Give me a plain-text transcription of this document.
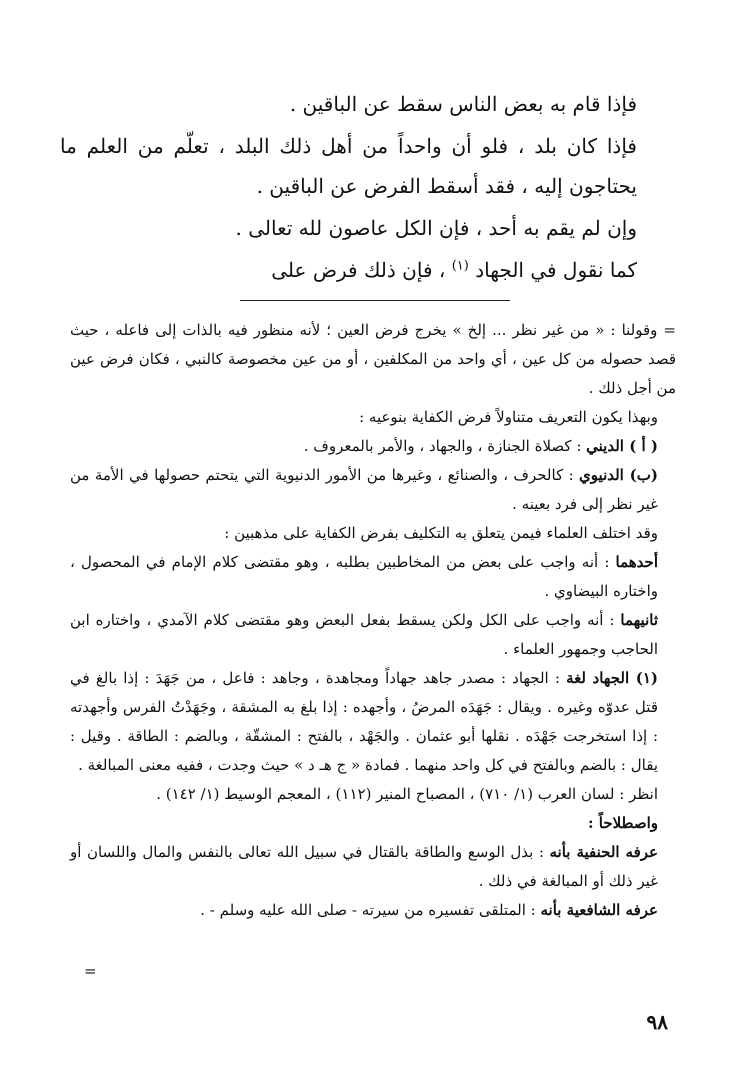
فإذا قام به بعض الناس سقط عن الباقين .

فإذا كان بلد ، فلو أن واحداً من أهل ذلك البلد ، تعلّم من العلم ما يحتاجون إليه ، فقد أسقط الفرض عن الباقين .

وإن لم يقم به أحد ، فإن الكل عاصون لله تعالى .

كما نقول في الجهاد $^{(١)}$ ، فإن ذلك فرض على

= وقولنا : « من غير نظر ... إلخ » يخرج فرض العين ؛ لأنه منظور فيه بالذات إلى فاعله ، حيث قصد حصوله من كل عين ، أي واحد من المكلفين ، أو من عين مخصوصة كالنبي ، فكان فرض عين من أجل ذلك .

وبهذا يكون التعريف متناولاً فرض الكفاية بنوعيه :

( أ ) الديني : كصلاة الجنازة ، والجهاد ، والأمر بالمعروف .

(ب) الدنيوي : كالحرف ، والصنائع ، وغيرها من الأمور الدنيوية التي يتحتم حصولها في الأمة من غير نظر إلى فرد بعينه .

وقد اختلف العلماء فيمن يتعلق به التكليف بفرض الكفاية على مذهبين :

أحدهما : أنه واجب على بعض من المخاطبين بطلبه ، وهو مقتضى كلام الإمام في المحصول ، واختاره البيضاوي .

ثانيهما : أنه واجب على الكل ولكن يسقط بفعل البعض وهو مقتضى كلام الآمدي ، واختاره ابن الحاجب وجمهور العلماء .

(١) الجهاد لغة : الجهاد : مصدر جاهد جهاداً ومجاهدة ، وجاهد : فاعل ، من جَهَدَ : إذا بالغ في قتل عدوّه وغيره . ويقال : جَهَدَه المرضُ ، وأجهده : إذا بلغ به المشقة ، وجَهَدْتُ الفرس وأجهدته : إذا استخرجت جَهْدَه . نقلها أبو عثمان . والجَهْد ، بالفتح : المشقّة ، وبالضم : الطاقة . وقيل : يقال : بالضم وبالفتح في كل واحد منهما . فمادة « ج هـ د » حيث وجدت ، ففيه معنى المبالغة .

انظر : لسان العرب (١/ ٧١٠) ، المصباح المنير (١١٢) ، المعجم الوسيط (١/ ١٤٢) .

واصطلاحاً :

عرفه الحنفية بأنه : بذل الوسع والطاقة بالقتال في سبيل الله تعالى بالنفس والمال واللسان أو غير ذلك أو المبالغة في ذلك .

عرفه الشافعية بأنه : المتلقى تفسيره من سيرته - صلى الله عليه وسلم - .

=
٩٨
